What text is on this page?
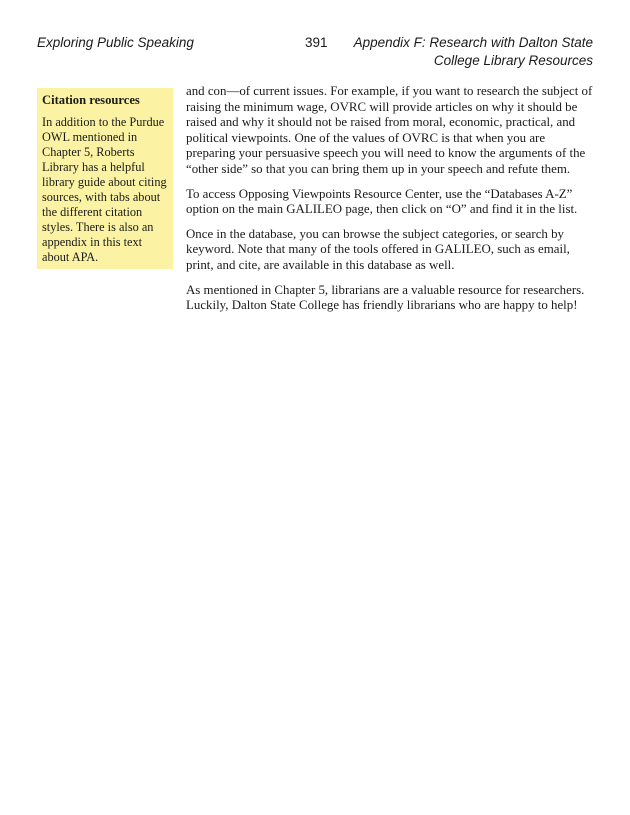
Exploring Public Speaking	391 Appendix F: Research with Dalton State
College Library Resources
Citation resources

In addition to the Purdue OWL mentioned in Chapter 5, Roberts Library has a helpful library guide about citing sources, with tabs about the different citation styles. There is also an appendix in this text about APA.

and con—of current issues. For example, if you want to research the subject of raising the minimum wage, OVRC will provide articles on why it should be raised and why it should not be raised from moral, economic, practical, and political viewpoints. One of the values of OVRC is that when you are preparing your persuasive speech you will need to know the arguments of the “other side” so that you can bring them up in your speech and refute them.

To access Opposing Viewpoints Resource Center, use the “Databases A-Z” option on the main GALILEO page, then click on “O” and find it in the list.

Once in the database, you can browse the subject categories, or search by keyword. Note that many of the tools offered in GALILEO, such as email, print, and cite, are available in this database as well.

As mentioned in Chapter 5, librarians are a valuable resource for researchers. Luckily, Dalton State College has friendly librarians who are happy to help!
